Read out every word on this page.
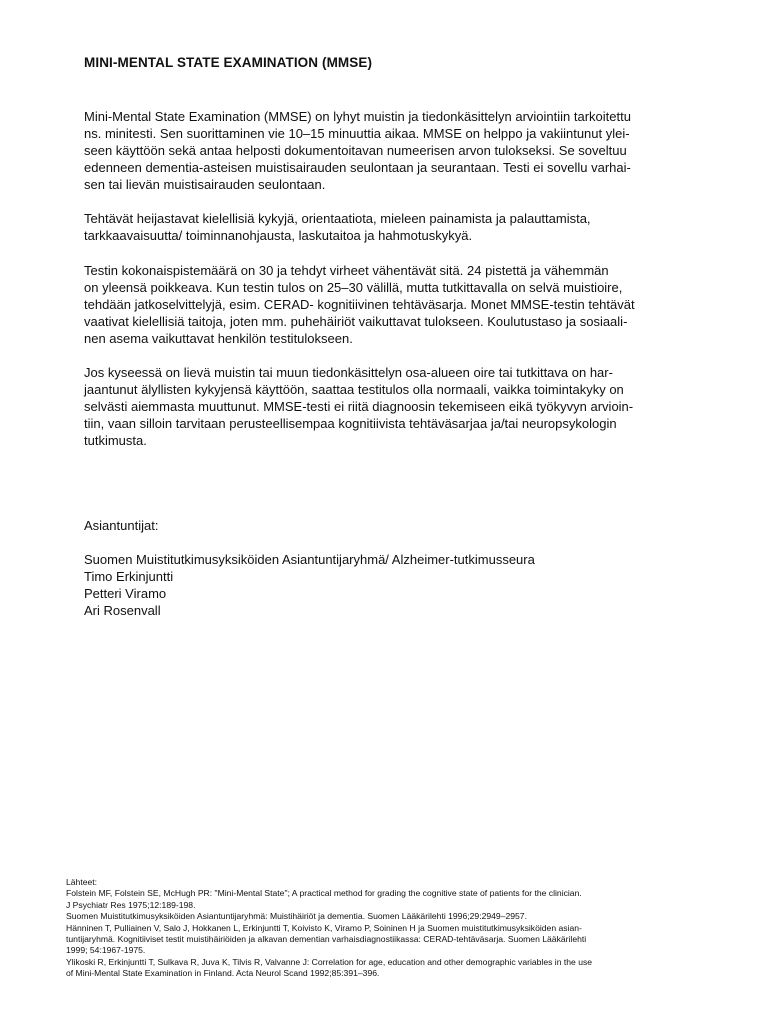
MINI-MENTAL STATE EXAMINATION (MMSE)
Mini-Mental State Examination (MMSE) on lyhyt muistin ja tiedonkäsittelyn arviointiin tarkoitettu
ns. minitesti. Sen suorittaminen vie 10–15 minuuttia aikaa. MMSE on helppo ja vakiintunut ylei-
seen käyttöön sekä antaa helposti dokumentoitavan numeerisen arvon tulokseksi. Se soveltuu
edenneen dementia-asteisen muistisairauden seulontaan ja seurantaan. Testi ei sovellu varhai-
sen tai lievän muistisairauden seulontaan.
Tehtävät heijastavat kielellisiä kykyjä, orientaatiota, mieleen painamista ja palauttamista,
tarkkaavaisuutta/ toiminnanohjausta, laskutaitoa ja hahmotuskykyä.
Testin kokonaispistemäärä on 30 ja tehdyt virheet vähentävät sitä. 24 pistettä ja vähemmän
on yleensä poikkeava. Kun testin tulos on 25–30 välillä, mutta tutkittavalla on selvä muistioire,
tehdään jatkoselvittelyjä, esim. CERAD- kognitiivinen tehtäväsarja. Monet MMSE-testin tehtävät
vaativat kielellisiä taitoja, joten mm. puhehäiriöt vaikuttavat tulokseen. Koulutustaso ja sosiaali-
nen asema vaikuttavat henkilön testitulokseen.
Jos kyseessä on lievä muistin tai muun tiedonkäsittelyn osa-alueen oire tai tutkittava on har-
jaantunut älyllisten kykyjensä käyttöön, saattaa testitulos olla normaali, vaikka toimintakyky on
selvästi aiemmasta muuttunut. MMSE-testi ei riitä diagnoosin tekemiseen eikä työkyvyn arvioin-
tiin, vaan silloin tarvitaan perusteellisempaa kognitiivista tehtäväsarjaa ja/tai neuropsykologin
tutkimusta.
Asiantuntijat:
Suomen Muistitutkimusyksiköiden Asiantuntijaryhmä/ Alzheimer-tutkimusseura
Timo Erkinjuntti
Petteri Viramo
Ari Rosenvall
Lähteet:
Folstein MF, Folstein SE, McHugh PR: "Mini-Mental State"; A practical method for grading the cognitive state of patients for the clinician.
J Psychiatr Res 1975;12:189-198.
Suomen Muistitutkimusyksiköiden Asiantuntijaryhmä: Muistihäiriöt ja dementia. Suomen Lääkärilehti 1996;29:2949–2957.
Hänninen T, Pulliainen V, Salo J, Hokkanen L, Erkinjuntti T, Koivisto K, Viramo P, Soininen H ja Suomen muistitutkimusyksiköiden asian-
tuntijaryhmä. Kognitiiviset testit muistihäiriöiden ja alkavan dementian varhaisdiagnostiikassa: CERAD-tehtäväsarja. Suomen Lääkärilehti
1999; 54:1967-1975.
Ylikoski R, Erkinjuntti T, Sulkava R, Juva K, Tilvis R, Valvanne J: Correlation for age, education and other demographic variables in the use
of Mini-Mental State Examination in Finland. Acta Neurol Scand 1992;85:391–396.
